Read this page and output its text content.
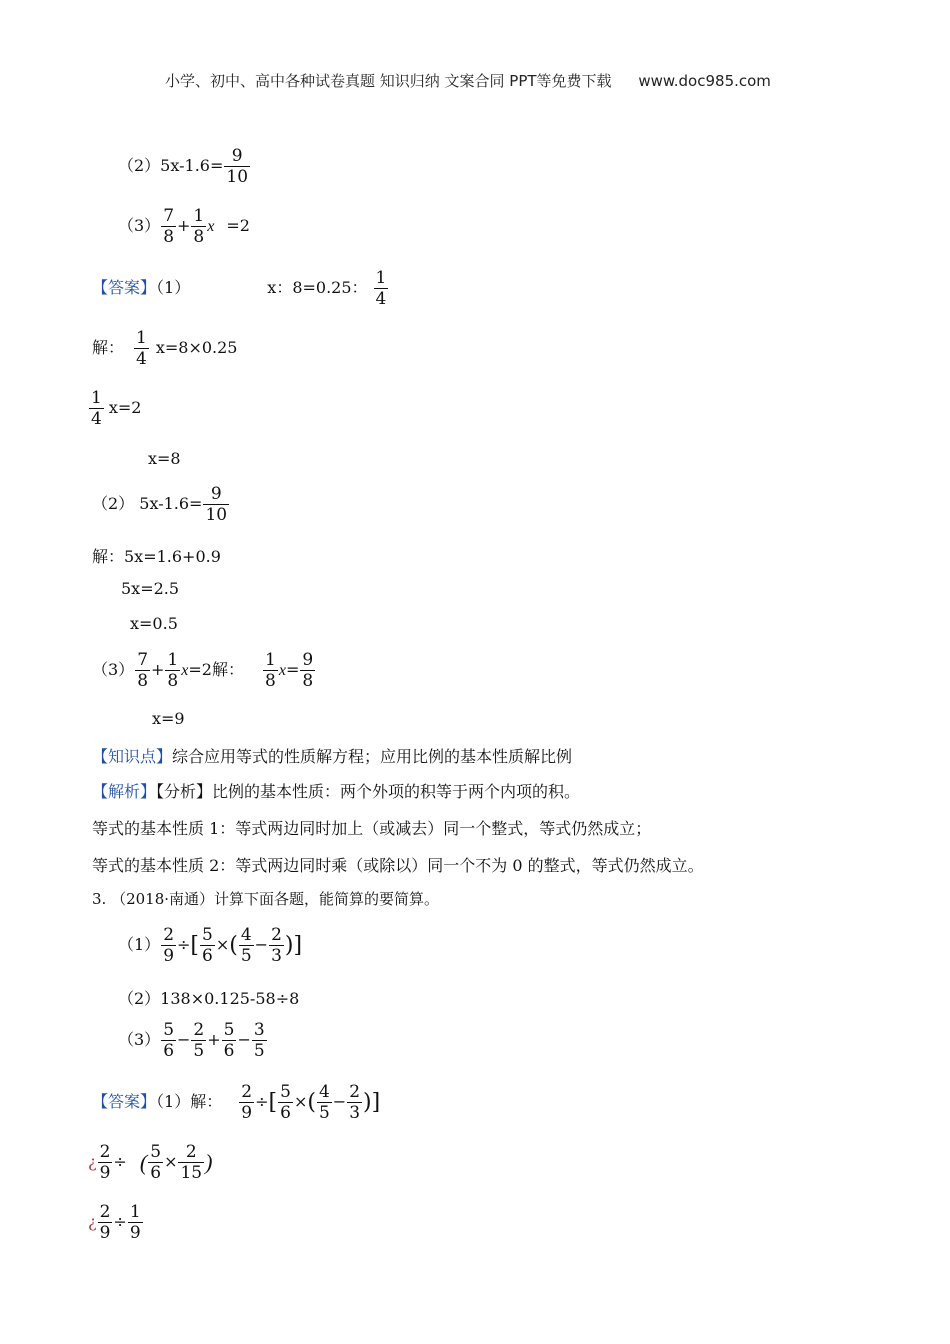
小学、初中、高中各种试卷真题 知识归纳 文案合同 PPT等免费下载 www.doc985.com
$(2)5x-1.6= \frac{9}{10}$
$(3) \frac{7}{8} + \frac{1}{8}$ x =2
【答案】（1）	x：8=0.25： $\frac{1}{4}$
解： $\frac{1}{4} x=8\times 0.25$
$\frac{1}{4} x=2$
x=8
（2） $5x-1.6= \frac{9}{10}$
解：5x=1.6+0.9
5x=2.5
x=0.5
$(3) \frac{7}{8} + \frac{1}{8} x=2$解： $\frac{1}{8} x= \frac{9}{8}$
x=9
【知识点】综合应用等式的性质解方程；应用比例的基本性质解比例
【解析】【分析】比例的基本性质：两个外项的积等于两个内项的积。
等式的基本性质 1：等式两边同时加上（或减去）同一个整式，等式仍然成立；
等式的基本性质 2：等式两边同时乘（或除以）同一个不为 0 的整式，等式仍然成立。
3. （2018·南通）计算下面各题，能简算的要简算。
$(1) \frac{2}{9}$ ÷[ $\frac{5}{6}$ ×( $\frac{4}{5} - \frac{2}{3}$ )]
（2）138×0.125-58÷8
$(3) \frac{5}{6} - \frac{2}{5} + \frac{5}{6} - \frac{3}{5}$
【答案】（1）解： $\frac{2}{9}$ ÷[ $\frac{5}{6}$ ×( $\frac{4}{5} - \frac{2}{3}$ )]
¿ $\frac{2}{9}$ ÷ ( $\frac{5}{6} \times \frac{2}{15}$ )
¿ $\frac{2}{9} \div \frac{1}{9}$
